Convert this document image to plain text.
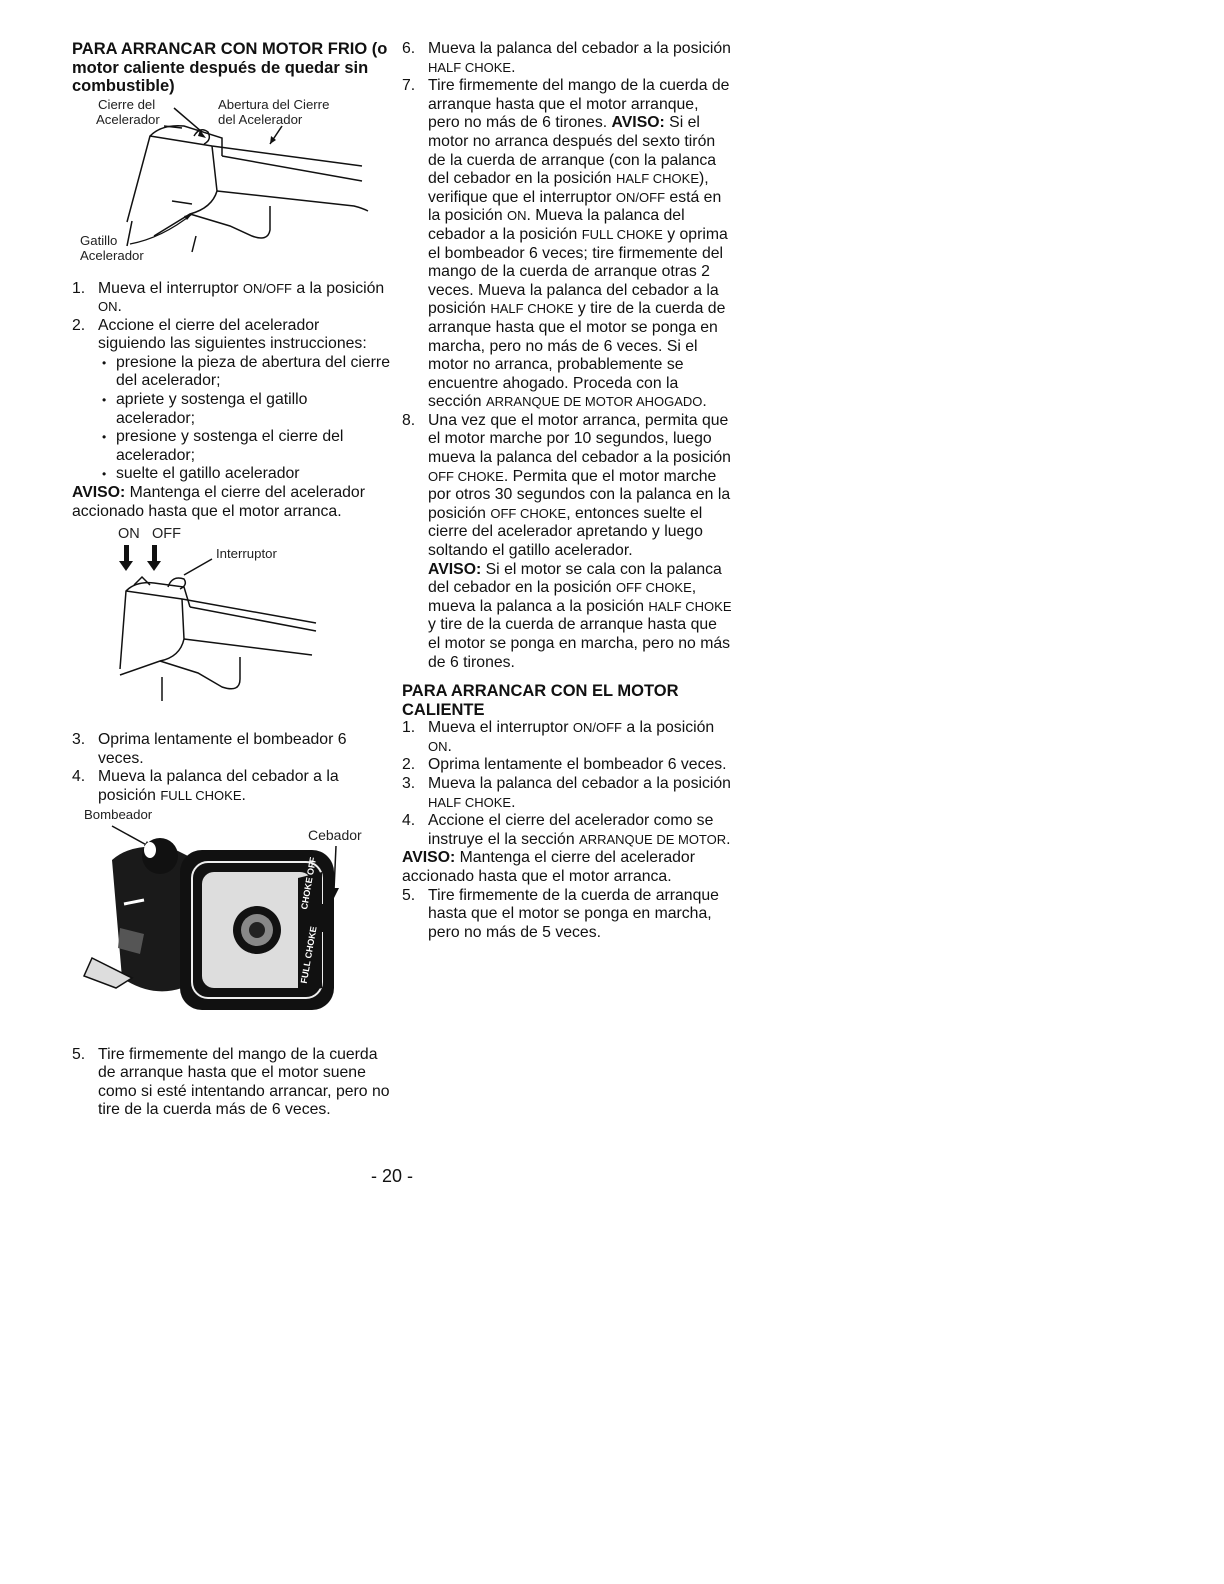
PARA ARRANCAR CON MOTOR FRIO (o motor caliente después de quedar sin combustible)

Cierre del
Acelerador
Abertura del Cierre
del Acelerador
Gatillo
Acelerador
1. Mueva el interruptor ON/OFF a la posición ON.
2. Accione el cierre del acelerador siguiendo las siguientes instrucciones:
• presione la pieza de abertura del cierre del acelerador;
• apriete y sostenga el gatillo acelerador;
• presione y sostenga el cierre del acelerador;
• suelte el gatillo acelerador

AVISO: Mantenga el cierre del acelerador accionado hasta que el motor arranca.

ON OFF
Interruptor
3. Oprima lentamente el bombeador 6 veces.
4. Mueva la palanca del cebador a la posición FULL CHOKE.
Bombeador
Cebador
CHOKE OFF
FULL CHOKE
5. Tire firmemente del mango de la cuerda de arranque hasta que el motor suene como si esté intentando arrancar, pero no tire de la cuerda más de 6 veces.
6. Mueva la palanca del cebador a la posición HALF CHOKE.
7. Tire firmemente del mango de la cuerda de arranque hasta que el motor arranque, pero no más de 6 tirones. AVISO: Si el motor no arranca después del sexto tirón de la cuerda de arranque (con la palanca del cebador en la posición HALF CHOKE), verifique que el interruptor ON/OFF está en la posición ON. Mueva la palanca del cebador a la posición FULL CHOKE y oprima el bombeador 6 veces; tire firmemente del mango de la cuerda de arranque otras 2 veces. Mueva la palanca del cebador a la posición HALF CHOKE y tire de la cuerda de arranque hasta que el motor se ponga en marcha, pero no más de 6 veces. Si el motor no arranca, probablemente se encuentre ahogado. Proceda con la sección ARRANQUE DE MOTOR AHOGADO.
8. Una vez que el motor arranca, permita que el motor marche por 10 segundos, luego mueva la palanca del cebador a la posición OFF CHOKE. Permita que el motor marche por otros 30 segundos con la palanca en la posición OFF CHOKE, entonces suelte el cierre del acelerador apretando y luego soltando el gatillo acelerador.
AVISO: Si el motor se cala con la palanca del cebador en la posición OFF CHOKE, mueva la palanca a la posición HALF CHOKE y tire de la cuerda de arranque hasta que el motor se ponga en marcha, pero no más de 6 tirones.

PARA ARRANCAR CON EL MOTOR CALIENTE

1. Mueva el interruptor ON/OFF a la posición ON.
2. Oprima lentamente el bombeador 6 veces.
3. Mueva la palanca del cebador a la posición HALF CHOKE.
4. Accione el cierre del acelerador como se instruye el la sección ARRANQUE DE MOTOR.

AVISO: Mantenga el cierre del acelerador accionado hasta que el motor arranca.

5. Tire firmemente de la cuerda de arranque hasta que el motor se ponga en marcha, pero no más de 5 veces.
- 20 -
